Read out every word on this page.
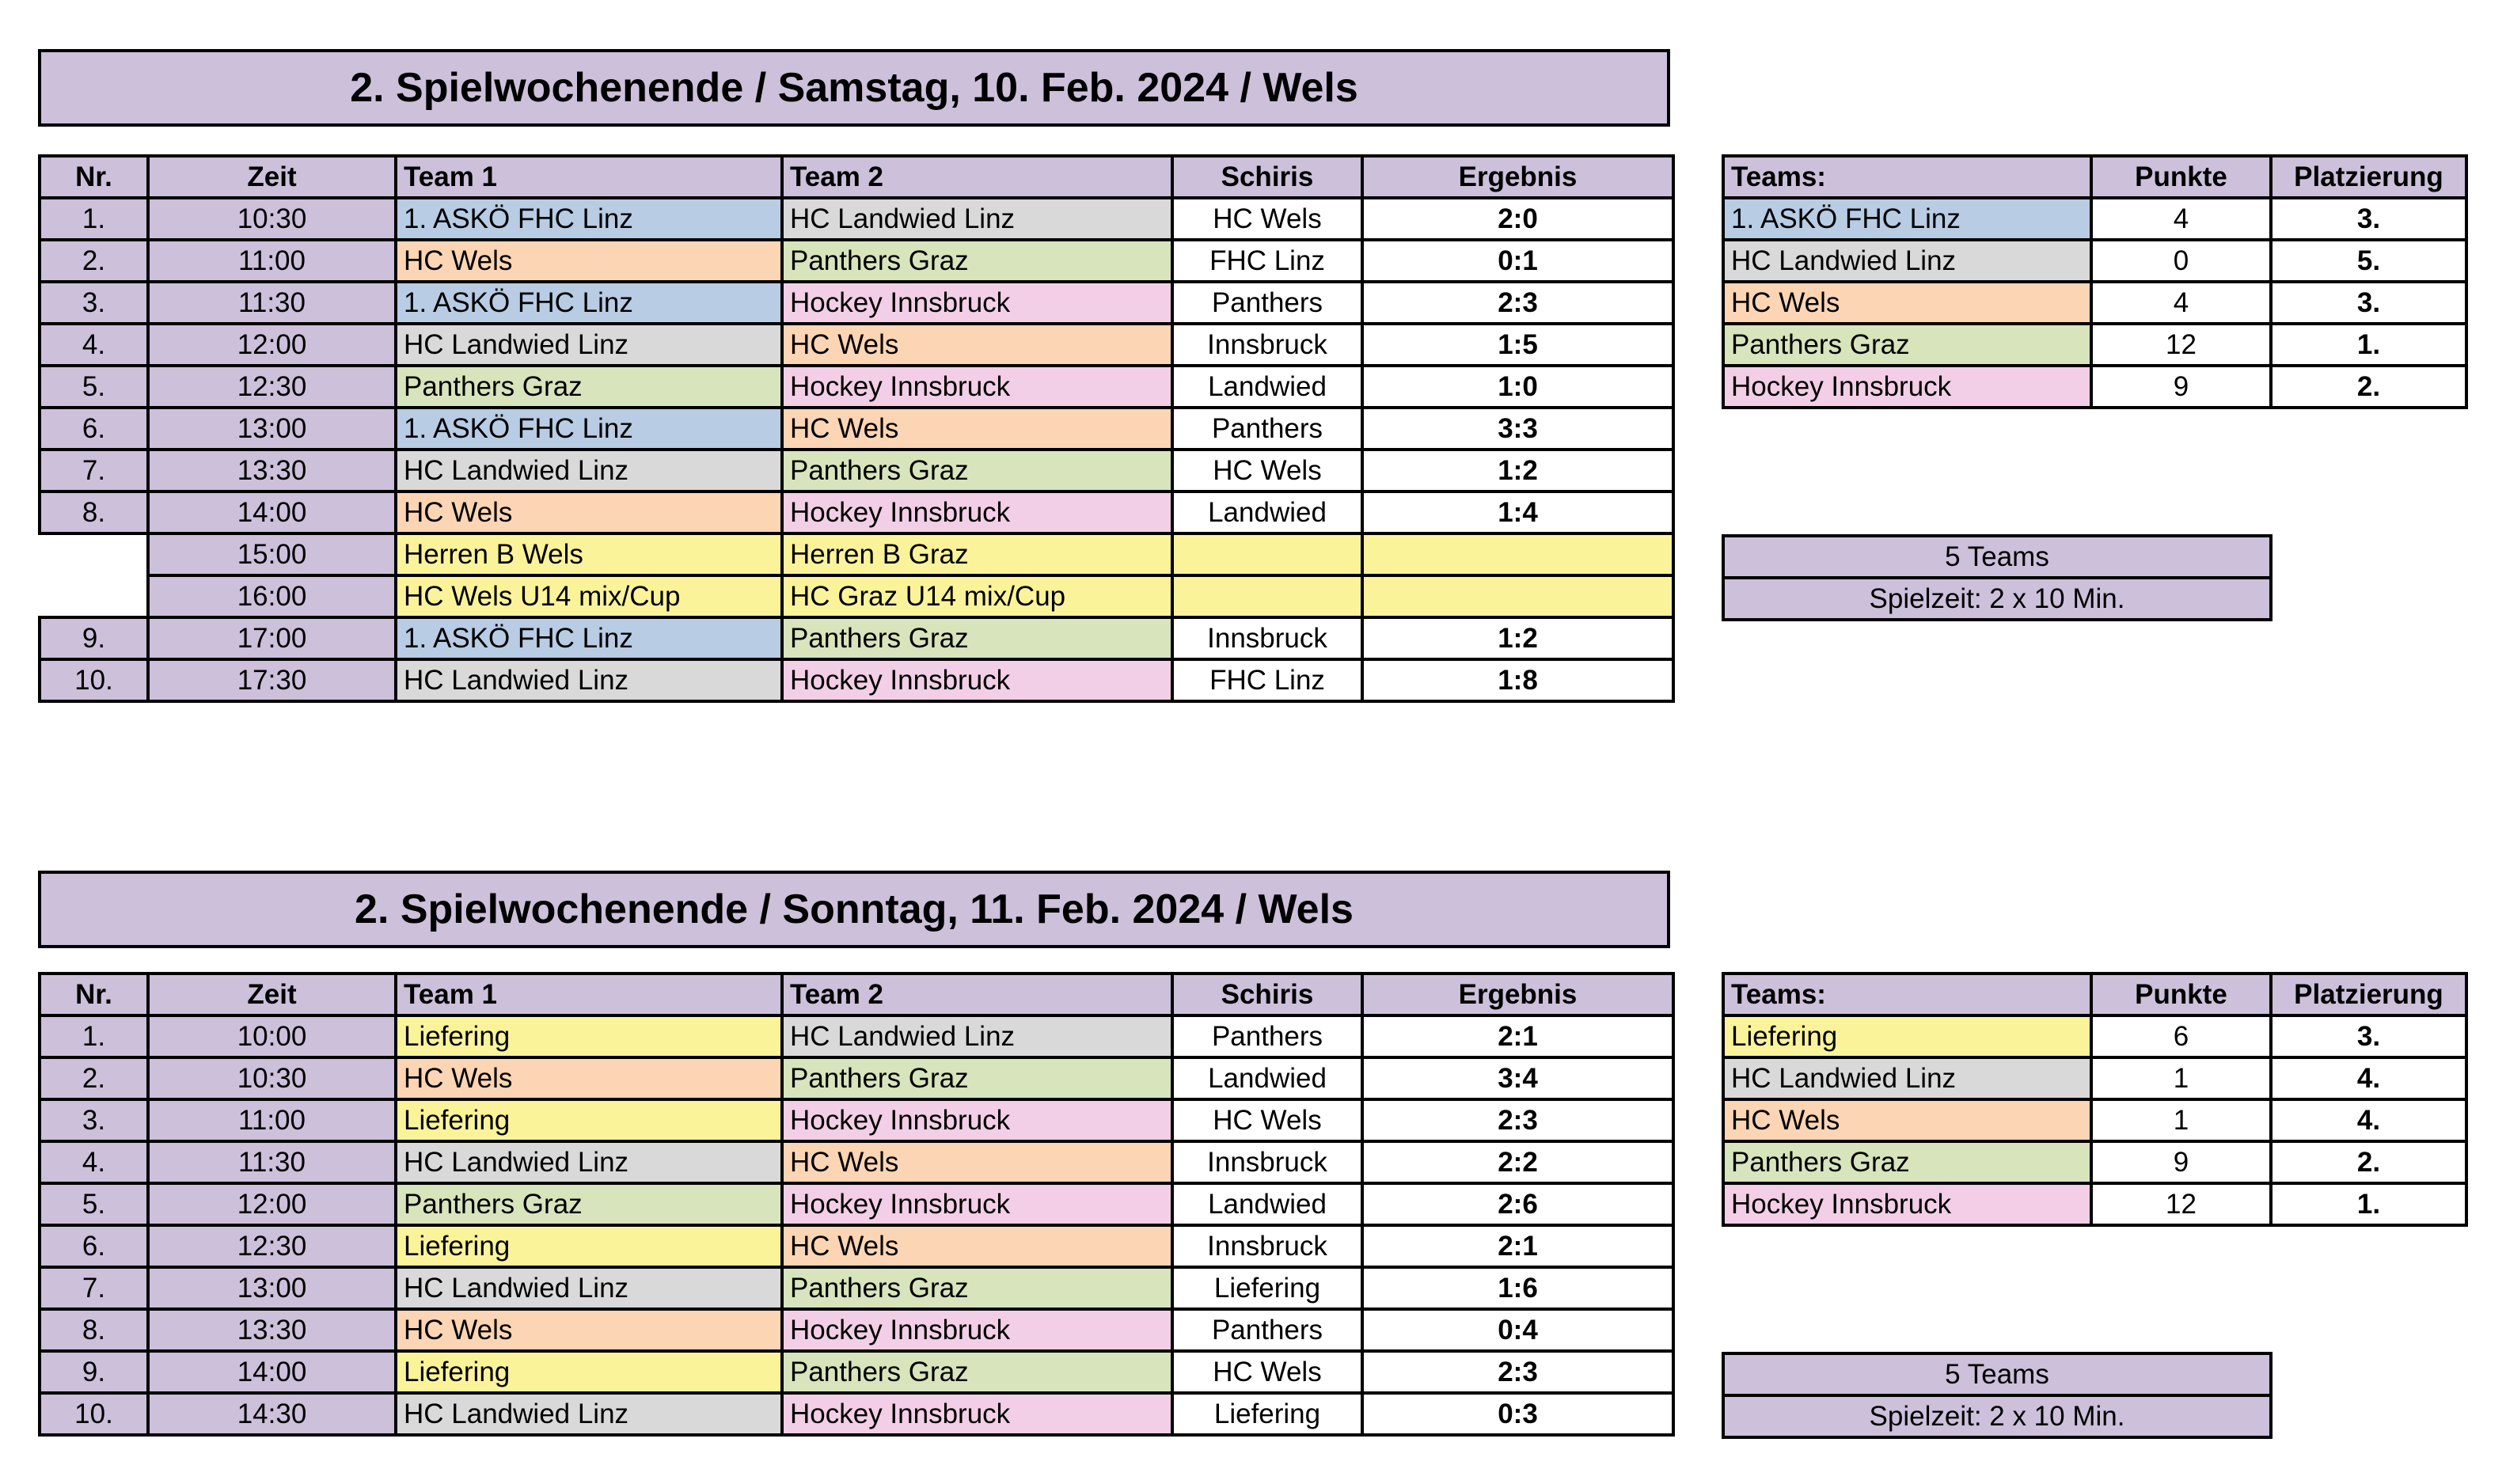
2. Spielwochenende / Samstag, 10. Feb. 2024 / Wels
Nr.	Zeit	Team 1	Team 2	Schiris	Ergebnis
1.	10:30	1. ASKÖ FHC Linz	HC Landwied Linz	HC Wels	2:0
2.	11:00	HC Wels	Panthers Graz	FHC Linz	0:1
3.	11:30	1. ASKÖ FHC Linz	Hockey Innsbruck	Panthers	2:3
4.	12:00	HC Landwied Linz	HC Wels	Innsbruck	1:5
5.	12:30	Panthers Graz	Hockey Innsbruck	Landwied	1:0
6.	13:00	1. ASKÖ FHC Linz	HC Wels	Panthers	3:3
7.	13:30	HC Landwied Linz	Panthers Graz	HC Wels	1:2
8.	14:00	HC Wels	Hockey Innsbruck	Landwied	1:4
	15:00	Herren B Wels	Herren B Graz		
	16:00	HC Wels U14 mix/Cup	HC Graz U14 mix/Cup		
9.	17:00	1. ASKÖ FHC Linz	Panthers Graz	Innsbruck	1:2
10.	17:30	HC Landwied Linz	Hockey Innsbruck	FHC Linz	1:8
Teams:	Punkte	Platzierung
1. ASKÖ FHC Linz	4	3.
HC Landwied Linz	0	5.
HC Wels	4	3.
Panthers Graz	12	1.
Hockey Innsbruck	9	2.
5 Teams
Spielzeit: 2 x 10 Min.
2. Spielwochenende / Sonntag, 11. Feb. 2024 / Wels
Nr.	Zeit	Team 1	Team 2	Schiris	Ergebnis
1.	10:00	Liefering	HC Landwied Linz	Panthers	2:1
2.	10:30	HC Wels	Panthers Graz	Landwied	3:4
3.	11:00	Liefering	Hockey Innsbruck	HC Wels	2:3
4.	11:30	HC Landwied Linz	HC Wels	Innsbruck	2:2
5.	12:00	Panthers Graz	Hockey Innsbruck	Landwied	2:6
6.	12:30	Liefering	HC Wels	Innsbruck	2:1
7.	13:00	HC Landwied Linz	Panthers Graz	Liefering	1:6
8.	13:30	HC Wels	Hockey Innsbruck	Panthers	0:4
9.	14:00	Liefering	Panthers Graz	HC Wels	2:3
10.	14:30	HC Landwied Linz	Hockey Innsbruck	Liefering	0:3
Teams:	Punkte	Platzierung
Liefering	6	3.
HC Landwied Linz	1	4.
HC Wels	1	4.
Panthers Graz	9	2.
Hockey Innsbruck	12	1.
5 Teams
Spielzeit: 2 x 10 Min.
